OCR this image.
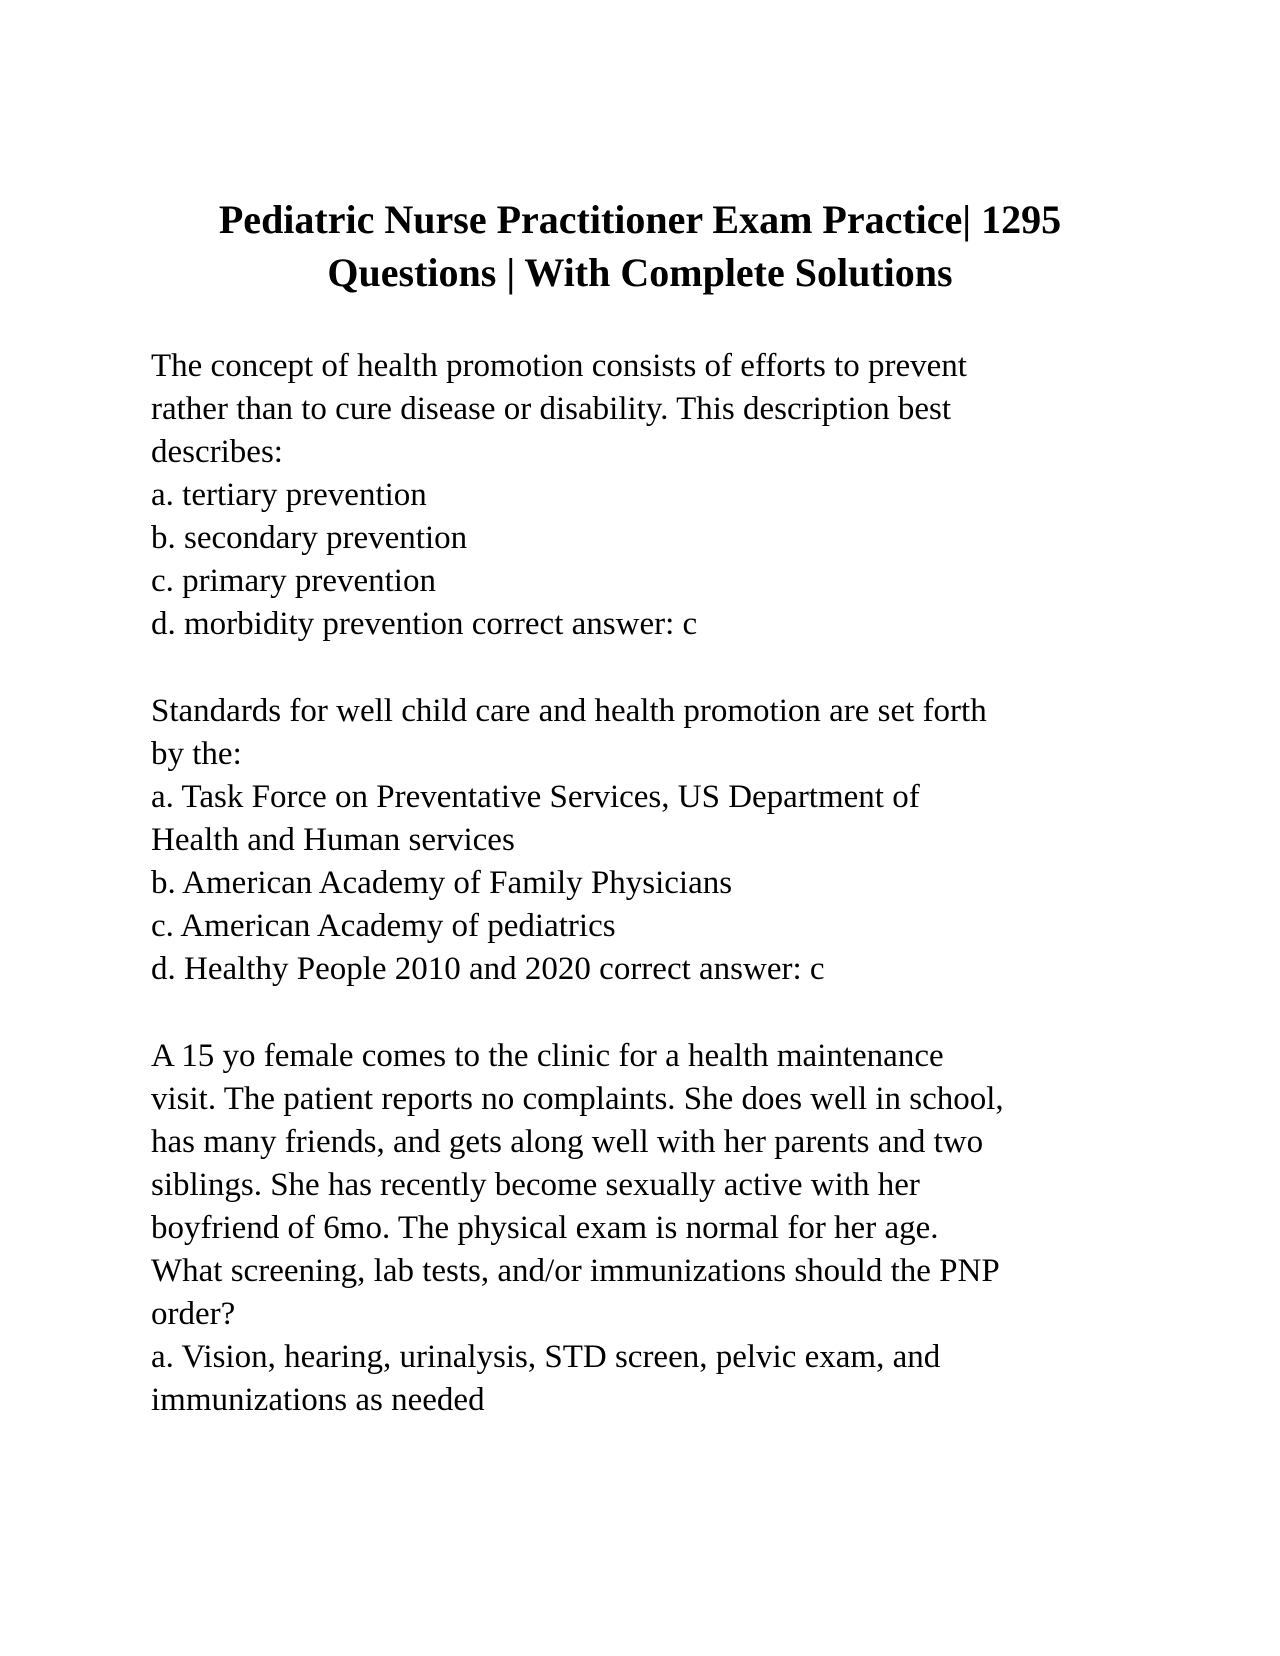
Pediatric Nurse Practitioner Exam Practice| 1295
Questions | With Complete Solutions
The concept of health promotion consists of efforts to prevent
rather than to cure disease or disability. This description best
describes:
a. tertiary prevention
b. secondary prevention
c. primary prevention
d. morbidity prevention correct answer: c
Standards for well child care and health promotion are set forth
by the:
a. Task Force on Preventative Services, US Department of
Health and Human services
b. American Academy of Family Physicians
c. American Academy of pediatrics
d. Healthy People 2010 and 2020 correct answer: c
A 15 yo female comes to the clinic for a health maintenance
visit. The patient reports no complaints. She does well in school,
has many friends, and gets along well with her parents and two
siblings. She has recently become sexually active with her
boyfriend of 6mo. The physical exam is normal for her age.
What screening, lab tests, and/or immunizations should the PNP
order?
a. Vision, hearing, urinalysis, STD screen, pelvic exam, and
immunizations as needed
